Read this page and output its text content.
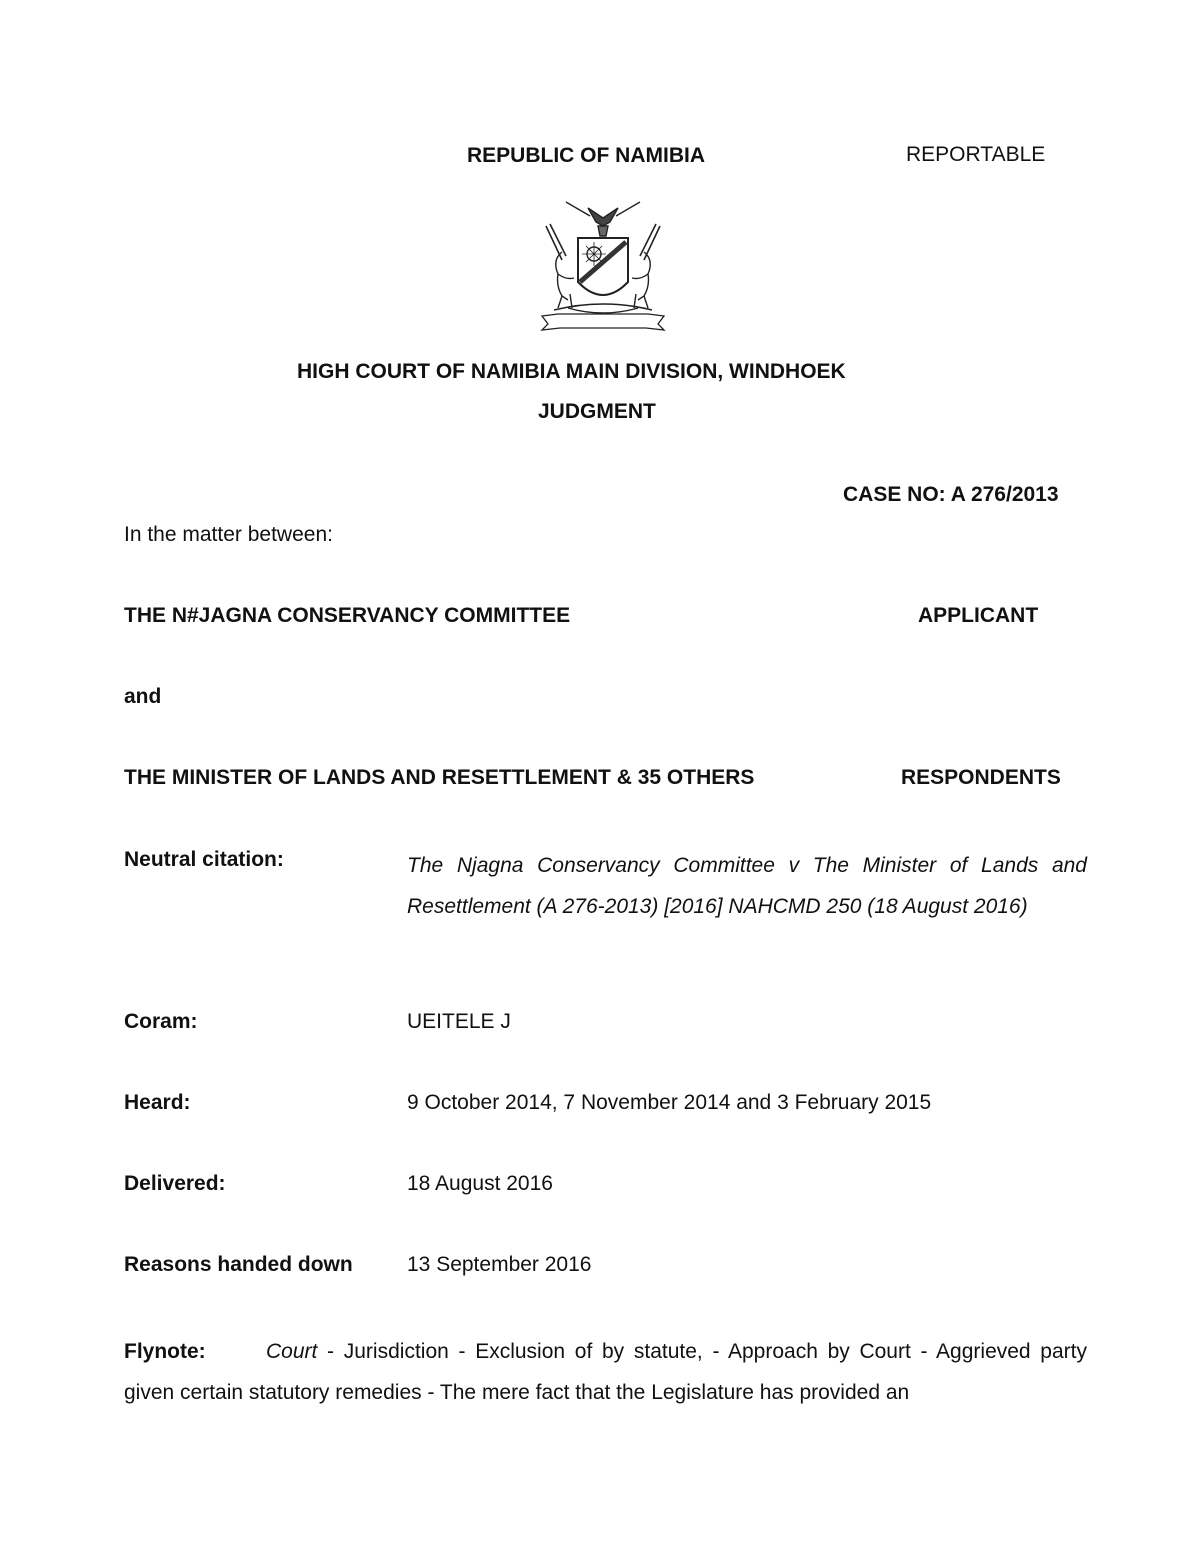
REPUBLIC OF NAMIBIA	REPORTABLE
HIGH COURT OF NAMIBIA MAIN DIVISION, WINDHOEK
JUDGMENT
CASE NO: A 276/2013
In the matter between:
THE N#JAGNA CONSERVANCY COMMITTEE	APPLICANT
and
THE MINISTER OF LANDS AND RESETTLEMENT & 35 OTHERS	RESPONDENTS
Neutral citation:	The Njagna Conservancy Committee v The Minister of Lands and Resettlement (A 276-2013) [2016] NAHCMD 250 (18 August 2016)
Coram:	UEITELE J
Heard:	9 October 2014, 7 November 2014 and 3 February 2015
Delivered:	18 August 2016
Reasons handed down	13 September 2016
Flynote:	Court - Jurisdiction - Exclusion of by statute, - Approach by Court - Aggrieved party given certain statutory remedies - The mere fact that the Legislature has provided an
